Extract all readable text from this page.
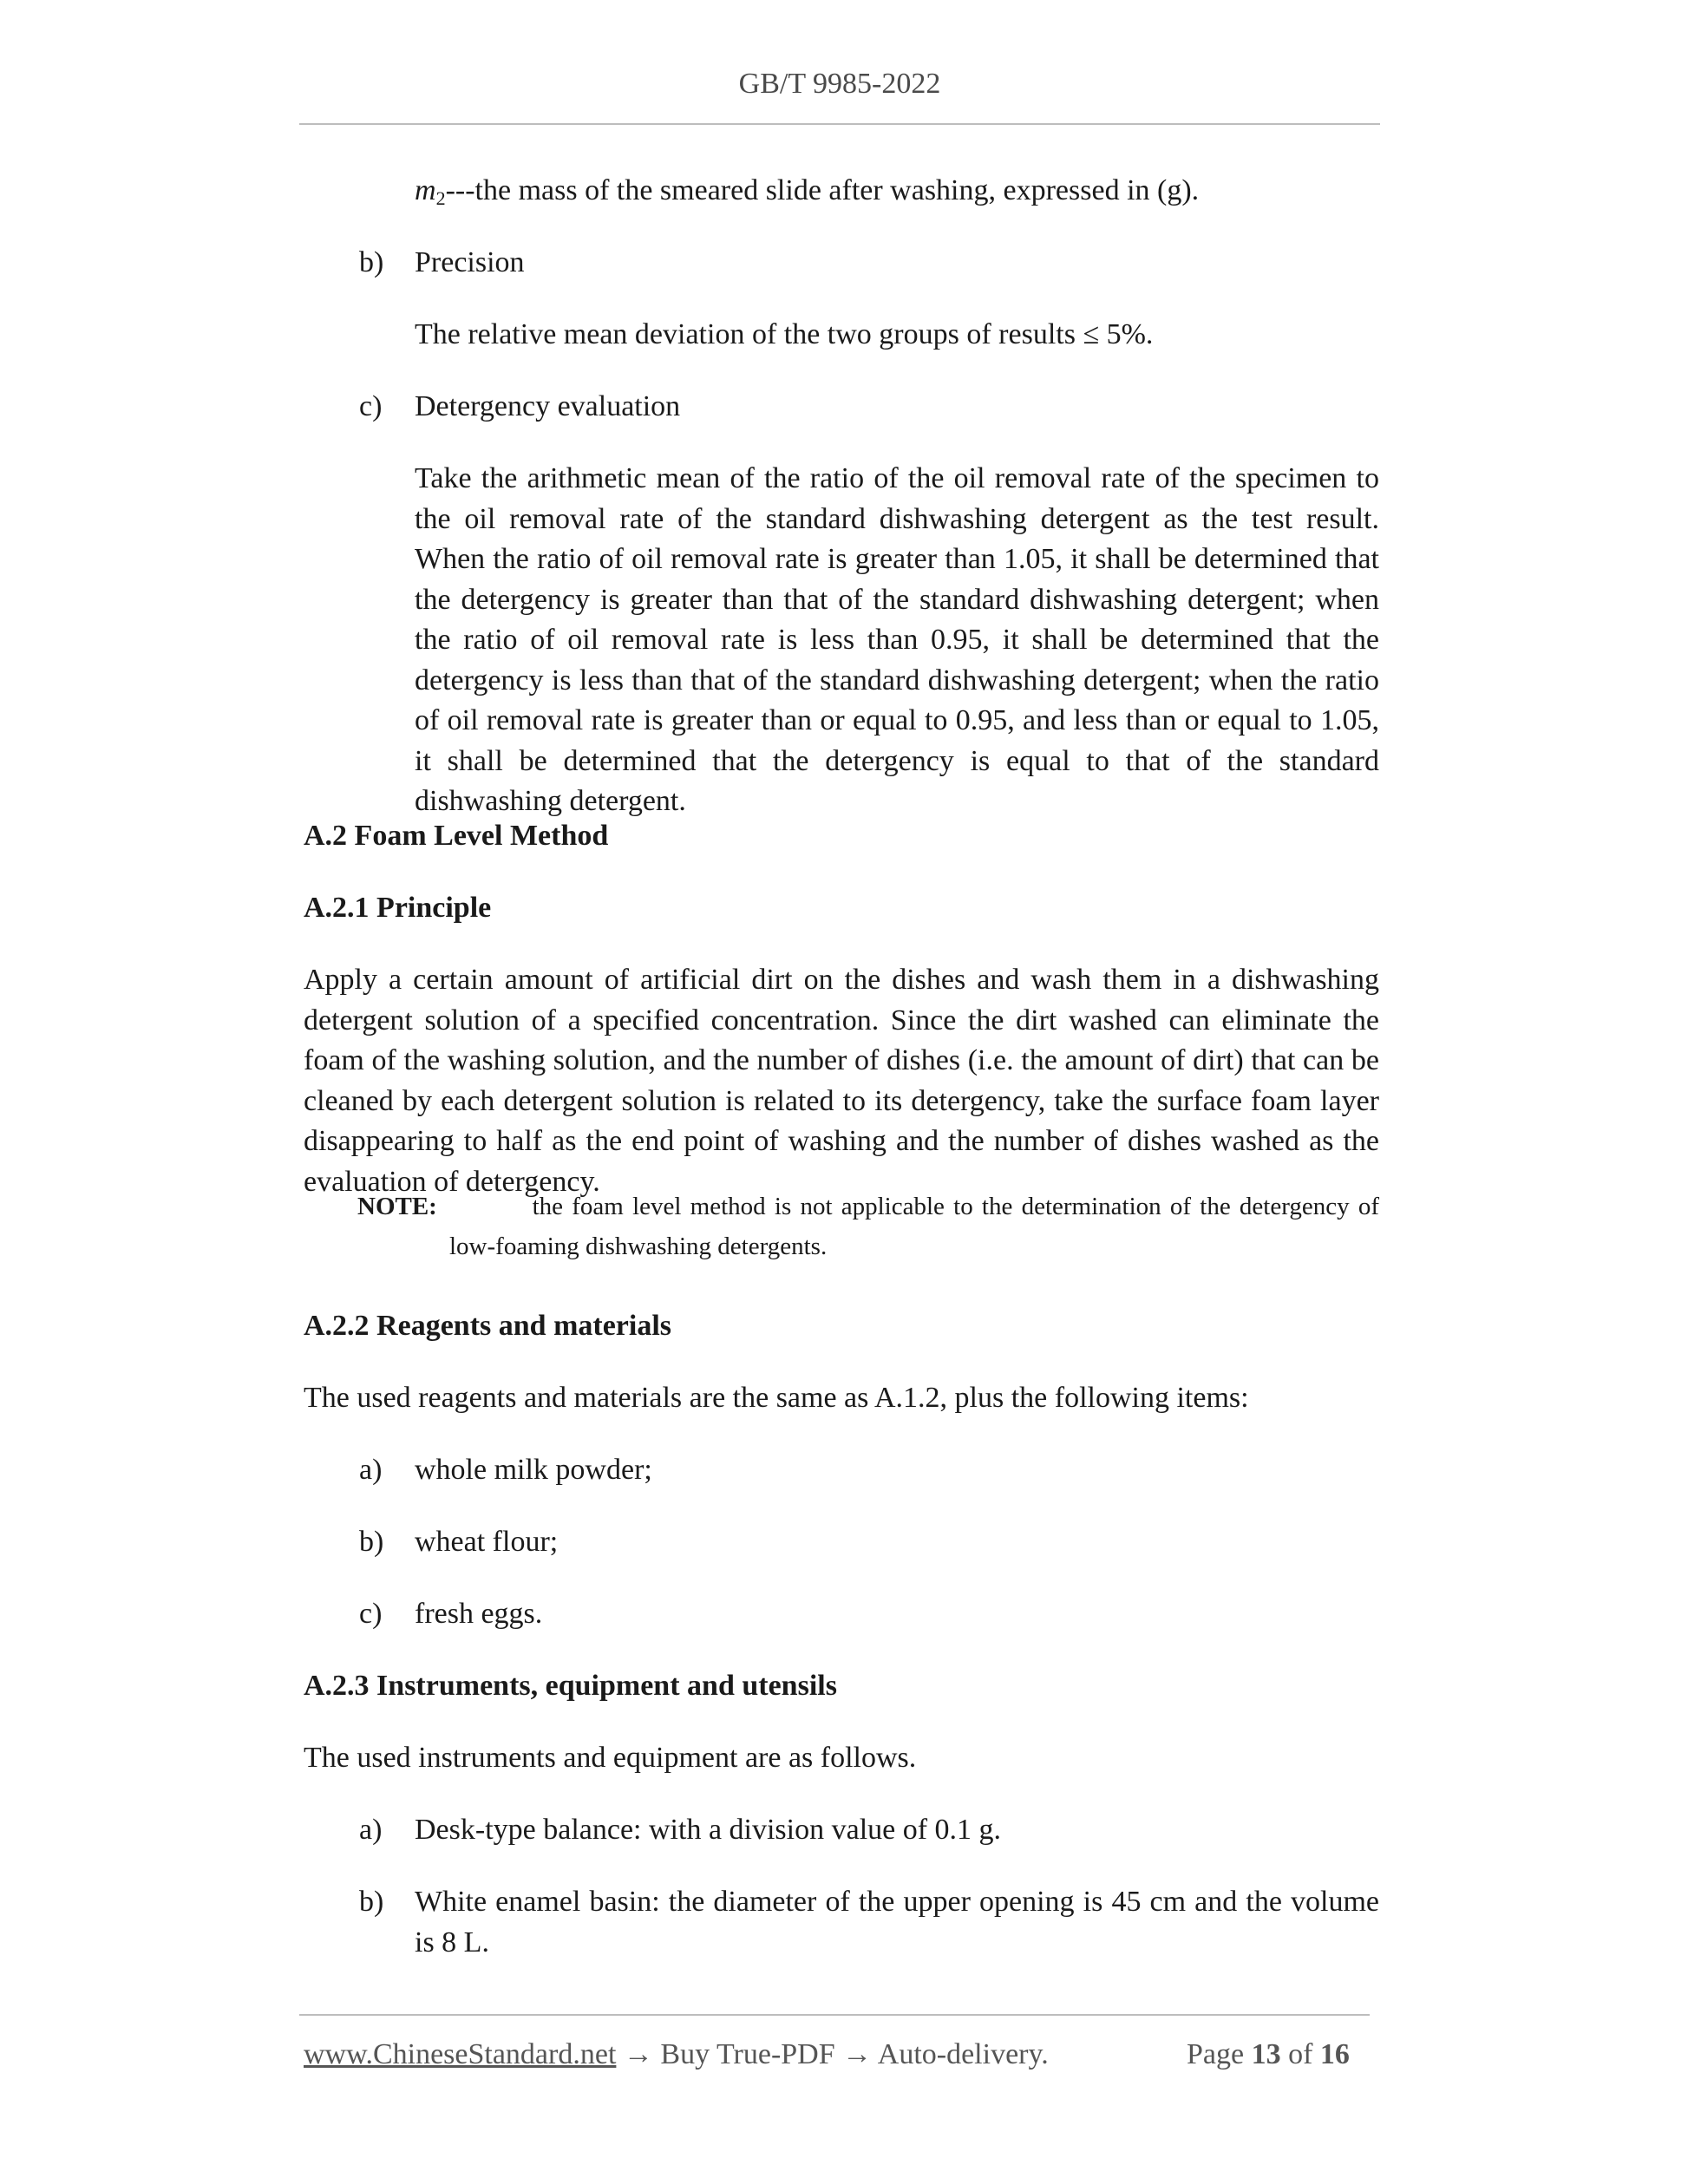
GB/T 9985-2022
$m_2--$-the mass of the smeared slide after washing, expressed in (g).
b) Precision
The relative mean deviation of the two groups of results ≤ 5%.
c) Detergency evaluation

Take the arithmetic mean of the ratio of the oil removal rate of the specimen to the oil removal rate of the standard dishwashing detergent as the test result. When the ratio of oil removal rate is greater than 1.05, it shall be determined that the detergency is greater than that of the standard dishwashing detergent; when the ratio of oil removal rate is less than 0.95, it shall be determined that the detergency is less than that of the standard dishwashing detergent; when the ratio of oil removal rate is greater than or equal to 0.95, and less than or equal to 1.05, it shall be determined that the detergency is equal to that of the standard dishwashing detergent.

A.2 Foam Level Method
A.2.1 Principle

Apply a certain amount of artificial dirt on the dishes and wash them in a dishwashing detergent solution of a specified concentration. Since the dirt washed can eliminate the foam of the washing solution, and the number of dishes (i.e. the amount of dirt) that can be cleaned by each detergent solution is related to its detergency, take the surface foam layer disappearing to half as the end point of washing and the number of dishes washed as the evaluation of detergency.

NOTE:	the foam level method is not applicable to the determination of the detergency of low-foaming dishwashing detergents.

A.2.2 Reagents and materials
The used reagents and materials are the same as A.1.2, plus the following items:
a) whole milk powder;
b) wheat flour;
c) fresh eggs.
A.2.3 Instruments, equipment and utensils
The used instruments and equipment are as follows.
a) Desk-type balance: with a division value of 0.1 g.
b) White enamel basin: the diameter of the upper opening is 45 cm and the volume is 8 L.

www.ChineseStandard.net → Buy True-PDF → Auto-delivery.	Page 13 of 16
